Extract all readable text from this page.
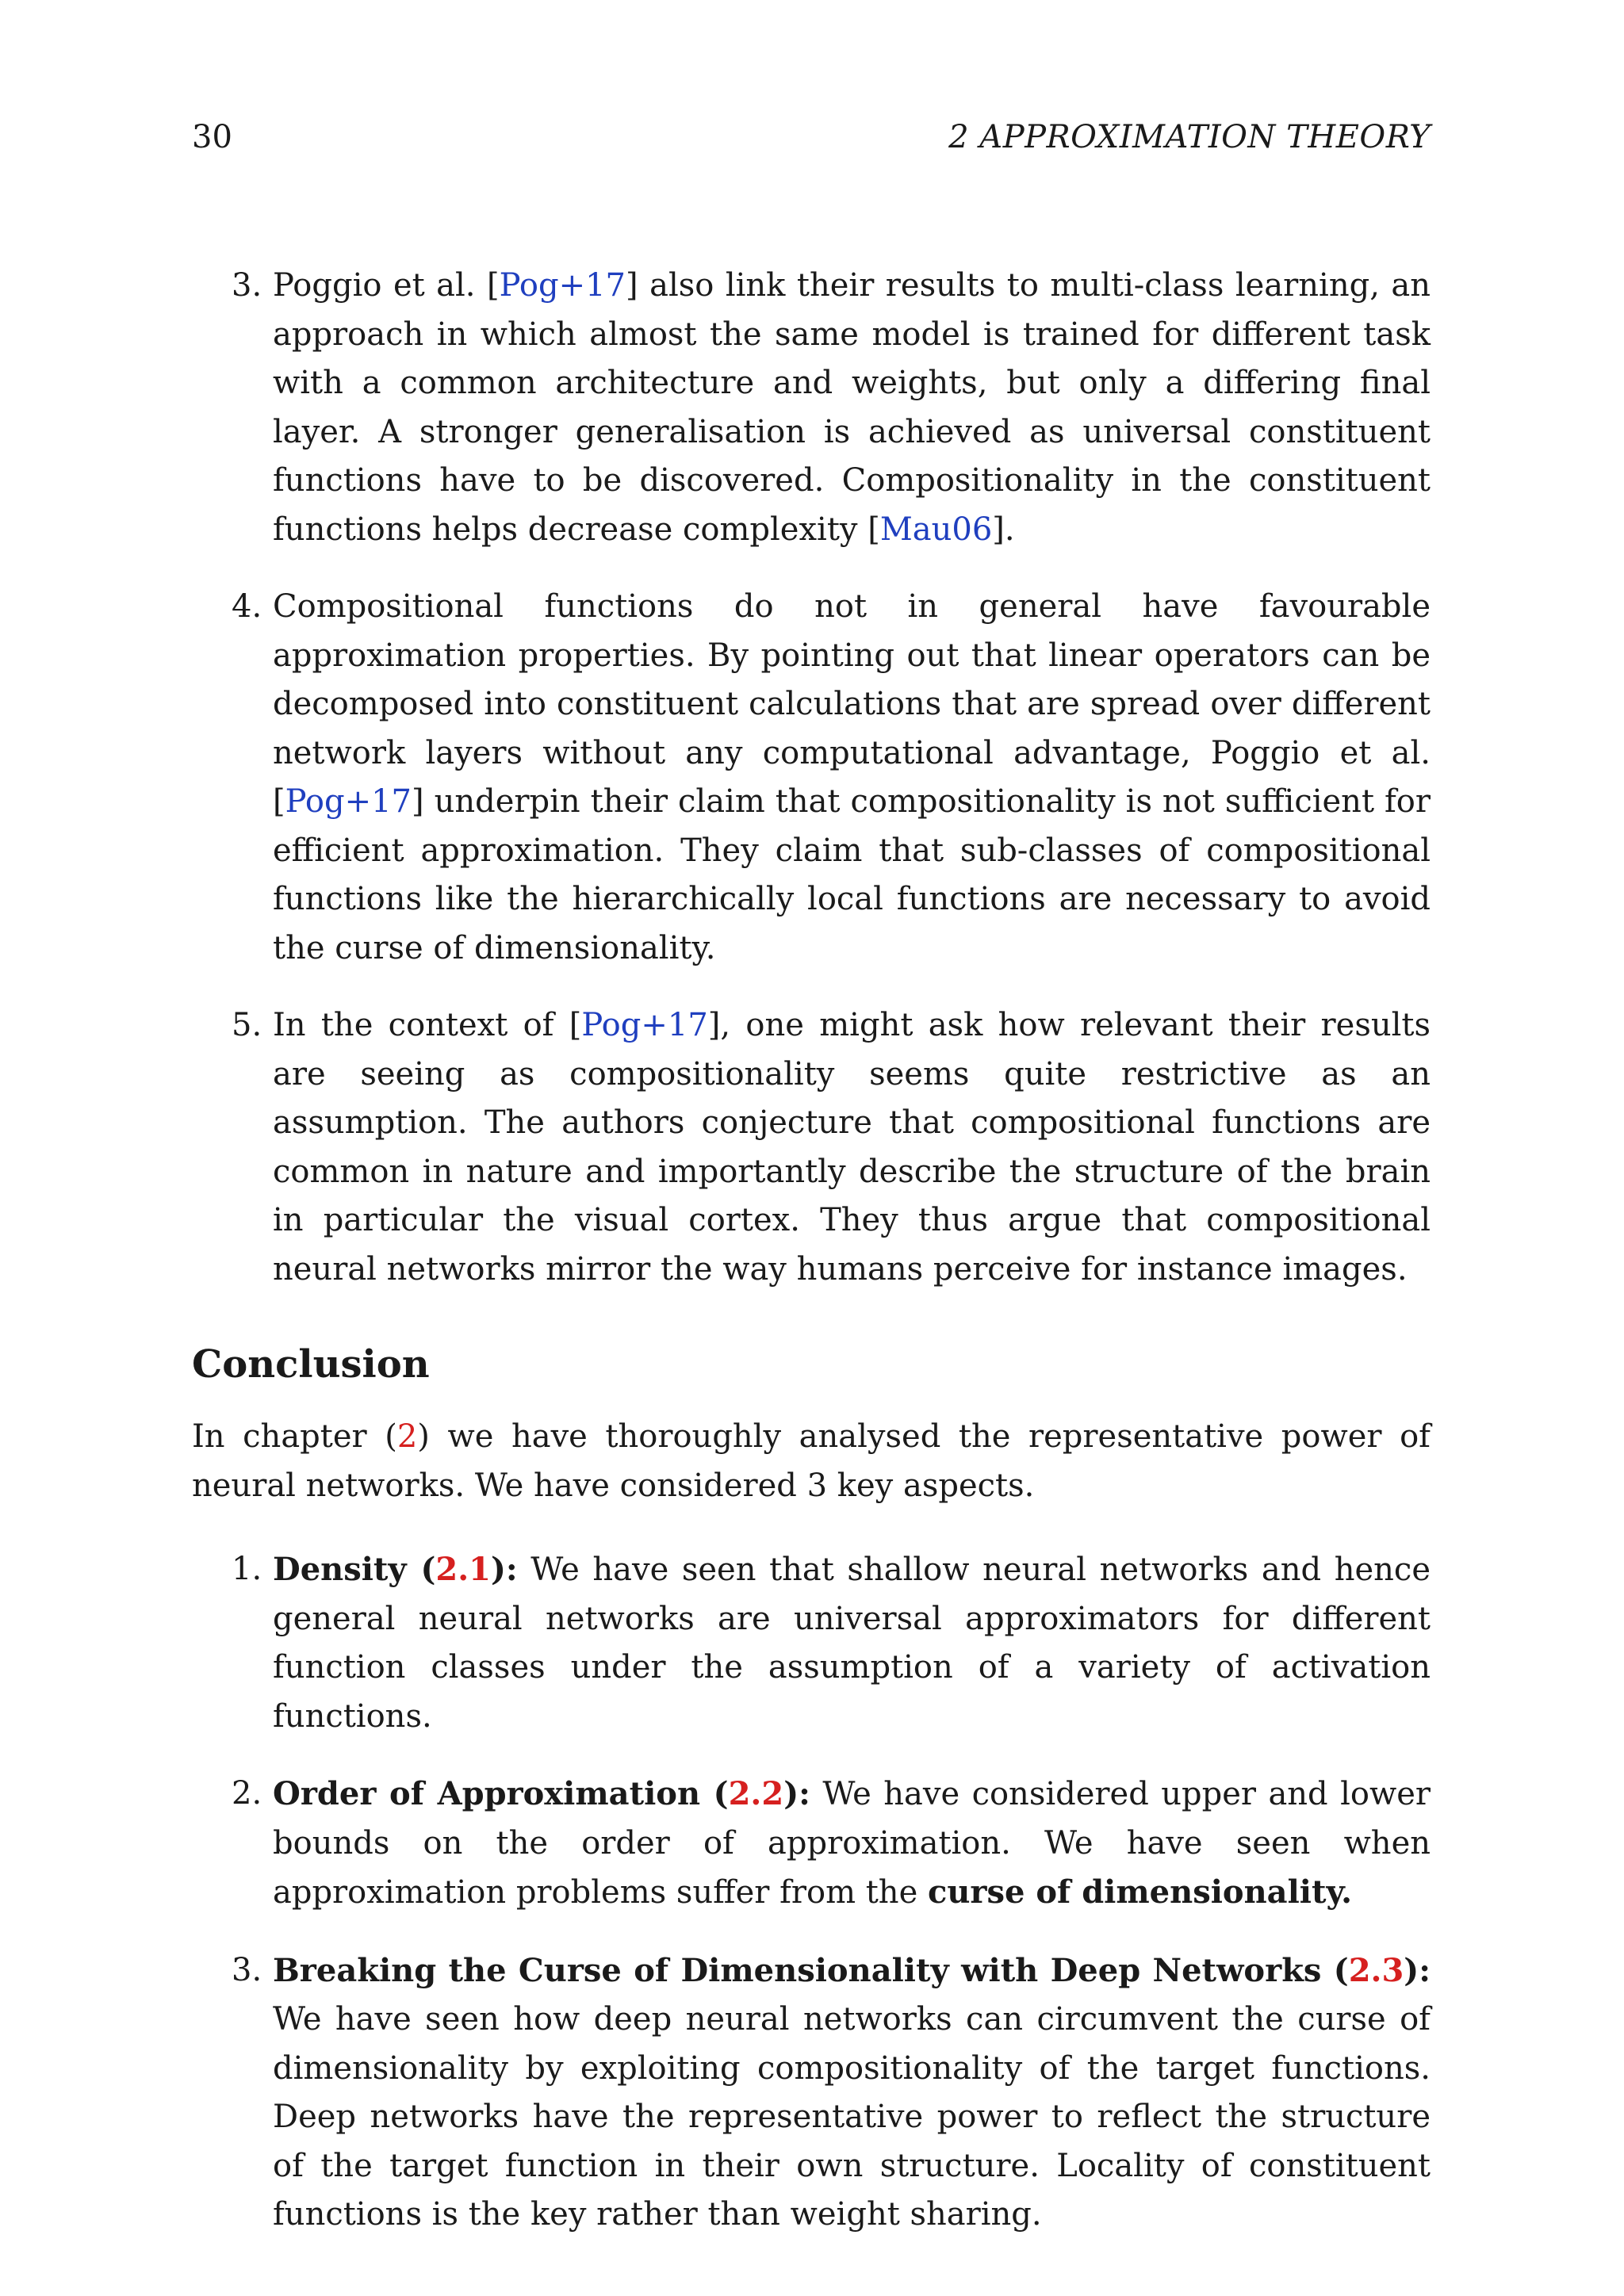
30	2 APPROXIMATION THEORY
3. Poggio et al. [Pog+17] also link their results to multi-class learning, an approach in which almost the same model is trained for different task with a common architecture and weights, but only a differing final layer. A stronger generalisation is achieved as universal constituent functions have to be discovered. Compositionality in the constituent functions helps decrease complexity [Mau06].
4. Compositional functions do not in general have favourable approximation properties. By pointing out that linear operators can be decomposed into constituent calculations that are spread over different network layers without any computational advantage, Poggio et al. [Pog+17] underpin their claim that compositionality is not sufficient for efficient approximation. They claim that sub-classes of compositional functions like the hierarchically local functions are necessary to avoid the curse of dimensionality.
5. In the context of [Pog+17], one might ask how relevant their results are seeing as compositionality seems quite restrictive as an assumption. The authors conjecture that compositional functions are common in nature and importantly describe the structure of the brain in particular the visual cortex. They thus argue that compositional neural networks mirror the way humans perceive for instance images.
Conclusion

In chapter (2) we have thoroughly analysed the representative power of neural networks. We have considered 3 key aspects.

1. Density (2.1): We have seen that shallow neural networks and hence general neural networks are universal approximators for different function classes under the assumption of a variety of activation functions.
2. Order of Approximation (2.2): We have considered upper and lower bounds on the order of approximation. We have seen when approximation problems suffer from the curse of dimensionality.
3. Breaking the Curse of Dimensionality with Deep Networks (2.3): We have seen how deep neural networks can circumvent the curse of dimensionality by exploiting compositionality of the target functions. Deep networks have the representative power to reflect the structure of the target function in their own structure. Locality of constituent functions is the key rather than weight sharing.
